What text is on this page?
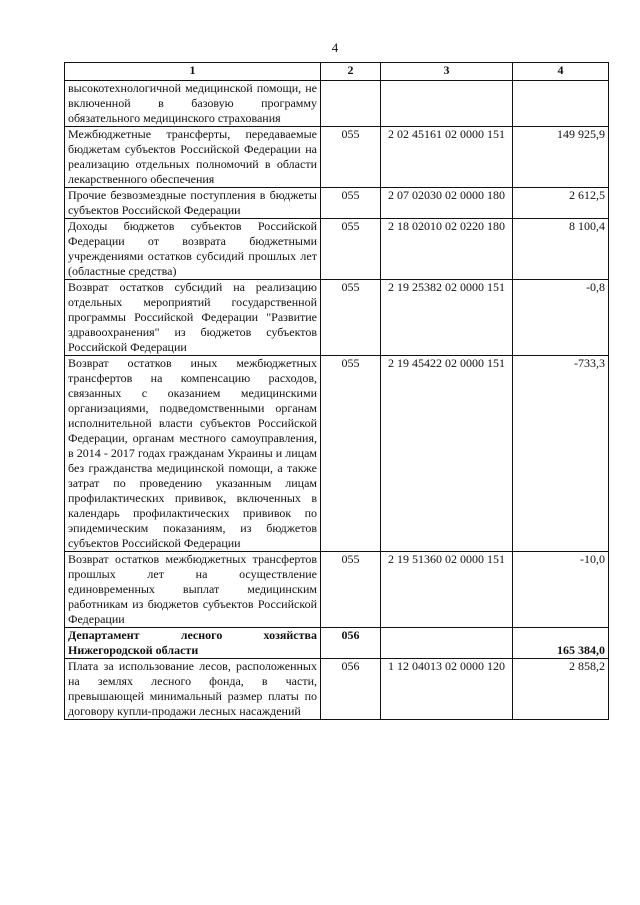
4
1	2	3	4
высокотехнологичной медицинской помощи, не включенной в базовую программу обязательного медицинского страхования			
Межбюджетные трансферты, передаваемые бюджетам субъектов Российской Федерации на реализацию отдельных полномочий в области лекарственного обеспечения	055	2 02 45161 02 0000 151	149 925,9
Прочие безвозмездные поступления в бюджеты субъектов Российской Федерации	055	2 07 02030 02 0000 180	2 612,5
Доходы бюджетов субъектов Российской Федерации от возврата бюджетными учреждениями остатков субсидий прошлых лет (областные средства)	055	2 18 02010 02 0220 180	8 100,4
Возврат остатков субсидий на реализацию отдельных мероприятий государственной программы Российской Федерации "Развитие здравоохранения" из бюджетов субъектов Российской Федерации	055	2 19 25382 02 0000 151	-0,8
Возврат остатков иных межбюджетных трансфертов на компенсацию расходов, связанных с оказанием медицинскими организациями, подведомственными органам исполнительной власти субъектов Российской Федерации, органам местного самоуправления, в 2014 - 2017 годах гражданам Украины и лицам без гражданства медицинской помощи, а также затрат по проведению указанным лицам профилактических прививок, включенных в календарь профилактических прививок по эпидемическим показаниям, из бюджетов субъектов Российской Федерации	055	2 19 45422 02 0000 151	-733,3
Возврат остатков межбюджетных трансфертов прошлых лет на осуществление единовременных выплат медицинским работникам из бюджетов субъектов Российской Федерации	055	2 19 51360 02 0000 151	-10,0
Департамент лесного хозяйства Нижегородской области	056		165 384,0
Плата за использование лесов, расположенных на землях лесного фонда, в части, превышающей минимальный размер платы по договору купли-продажи лесных насаждений	056	1 12 04013 02 0000 120	2 858,2
